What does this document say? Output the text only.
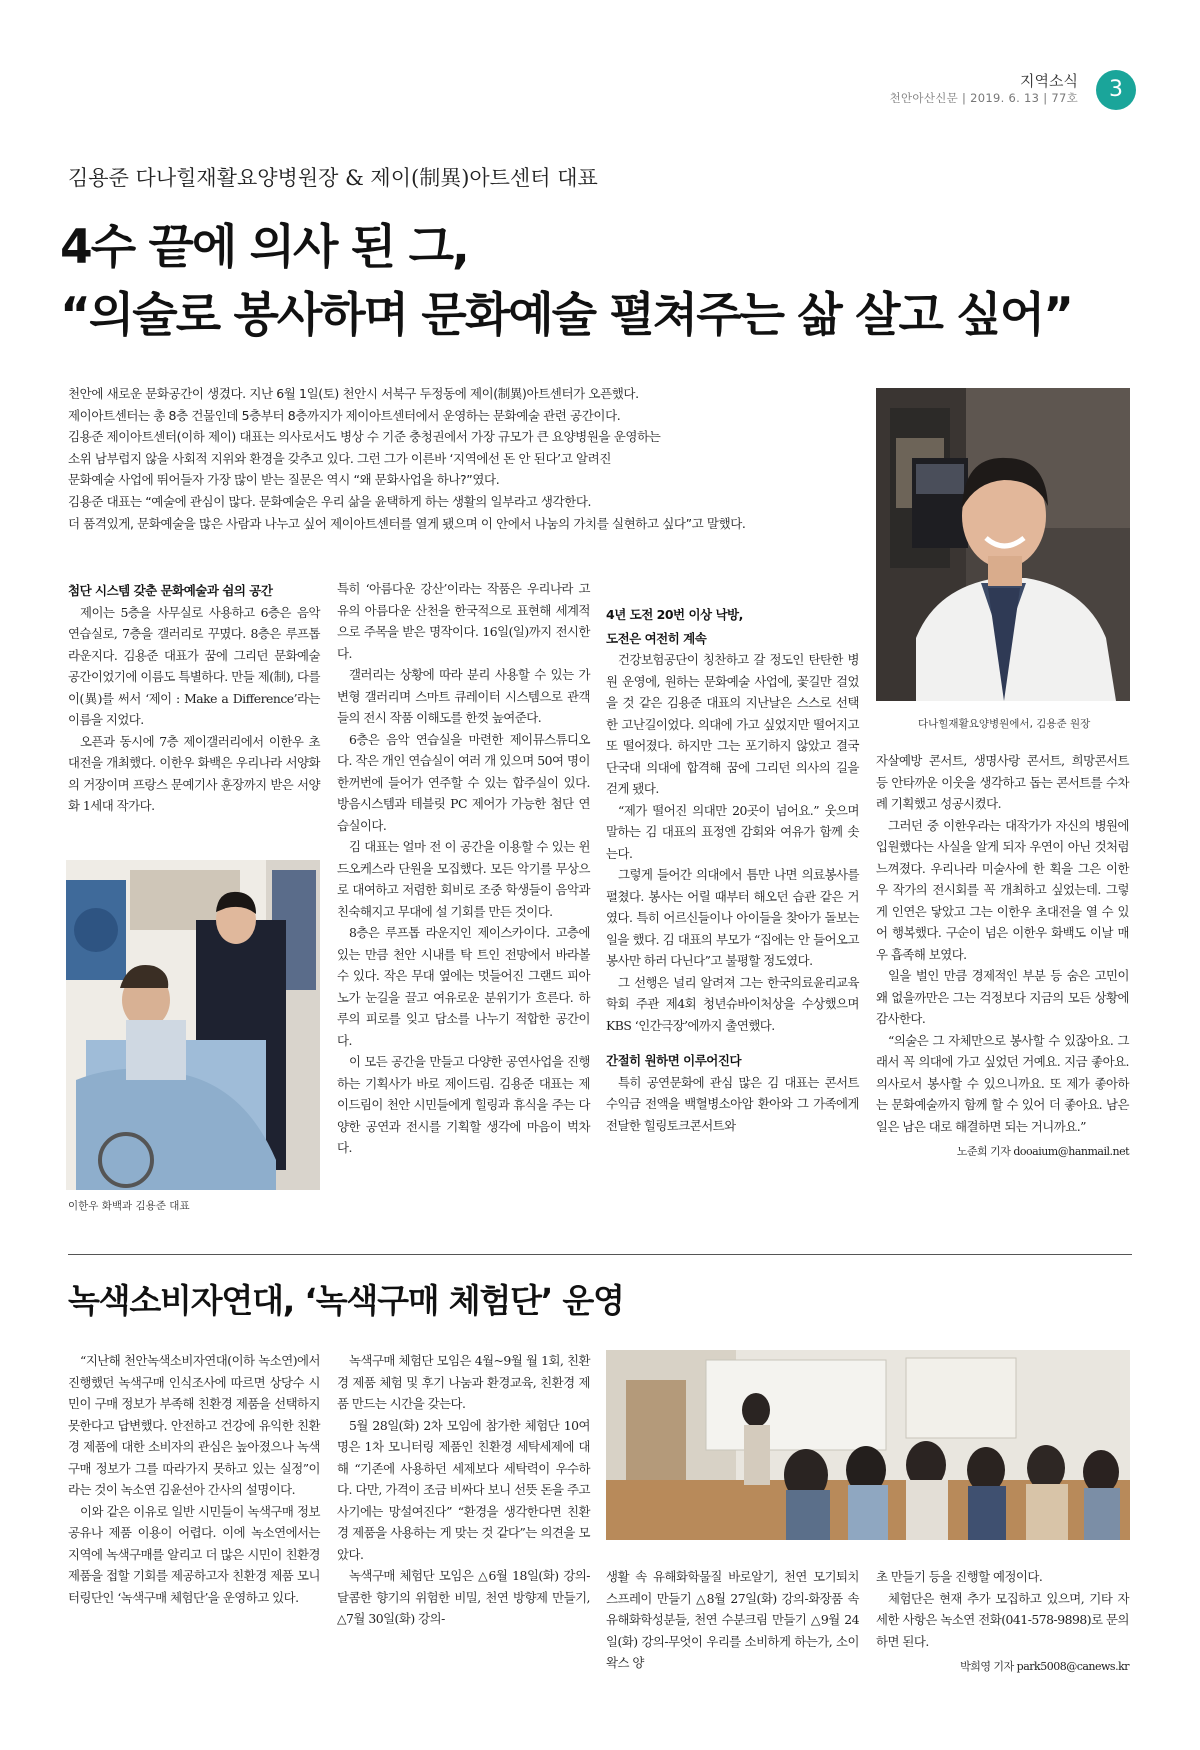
지역소식
천안아산신문 | 2019. 6. 13 | 77호	3
김용준 다나힐재활요양병원장 & 제이(制異)아트센터 대표
4수 끝에 의사 된 그,
“의술로 봉사하며 문화예술 펼쳐주는 삶 살고 싶어”

천안에 새로운 문화공간이 생겼다. 지난 6월 1일(토) 천안시 서북구 두정동에 제이(制異)아트센터가 오픈했다.

제이아트센터는 총 8층 건물인데 5층부터 8층까지가 제이아트센터에서 운영하는 문화예술 관련 공간이다.

김용준 제이아트센터(이하 제이) 대표는 의사로서도 병상 수 기준 충청권에서 가장 규모가 큰 요양병원을 운영하는

소위 남부럽지 않을 사회적 지위와 환경을 갖추고 있다. 그런 그가 이른바 ‘지역에선 돈 안 된다’고 알려진

문화예술 사업에 뛰어들자 가장 많이 받는 질문은 역시 “왜 문화사업을 하나?”였다.

김용준 대표는 “예술에 관심이 많다. 문화예술은 우리 삶을 윤택하게 하는 생활의 일부라고 생각한다.

더 품격있게, 문화예술을 많은 사람과 나누고 싶어 제이아트센터를 열게 됐으며 이 안에서 나눔의 가치를 실현하고 싶다”고 말했다.

다나힐재활요양병원에서, 김용준 원장

첨단 시스템 갖춘 문화예술과 쉼의 공간

제이는 5층을 사무실로 사용하고 6층은 음악 연습실로, 7층을 갤러리로 꾸몄다. 8층은 루프톱 라운지다. 김용준 대표가 꿈에 그리던 문화예술 공간이었기에 이름도 특별하다. 만들 제(制), 다를 이(異)를 써서 ‘제이 : Make a Difference’라는 이름을 지었다.

오픈과 동시에 7층 제이갤러리에서 이한우 초대전을 개최했다. 이한우 화백은 우리나라 서양화의 거장이며 프랑스 문예기사 훈장까지 받은 서양화 1세대 작가다.

이한우 화백과 김용준 대표

특히 ‘아름다운 강산’이라는 작품은 우리나라 고유의 아름다운 산천을 한국적으로 표현해 세계적으로 주목을 받은 명작이다. 16일(일)까지 전시한다.

갤러리는 상황에 따라 분리 사용할 수 있는 가변형 갤러리며 스마트 큐레이터 시스템으로 관객들의 전시 작품 이해도를 한껏 높여준다.

6층은 음악 연습실을 마련한 제이뮤스튜디오다. 작은 개인 연습실이 여러 개 있으며 50여 명이 한꺼번에 들어가 연주할 수 있는 합주실이 있다. 방음시스템과 테블릿 PC 제어가 가능한 첨단 연습실이다.

김 대표는 얼마 전 이 공간을 이용할 수 있는 윈드오케스라 단원을 모집했다. 모든 악기를 무상으로 대여하고 저렴한 회비로 조중 학생들이 음악과 친숙해지고 무대에 설 기회를 만든 것이다.

8층은 루프톱 라운지인 제이스카이다. 고층에 있는 만큼 천안 시내를 탁 트인 전망에서 바라볼 수 있다. 작은 무대 옆에는 멋들어진 그랜드 피아노가 눈길을 끌고 여유로운 분위기가 흐른다. 하루의 피로를 잊고 담소를 나누기 적합한 공간이다.

이 모든 공간을 만들고 다양한 공연사업을 진행하는 기획사가 바로 제이드림. 김용준 대표는 제이드림이 천안 시민들에게 힐링과 휴식을 주는 다양한 공연과 전시를 기획할 생각에 마음이 벅차다.

4년 도전 20번 이상 낙방,

도전은 여전히 계속

건강보험공단이 칭찬하고 갈 정도인 탄탄한 병원 운영에, 원하는 문화예술 사업에, 꽃길만 걸었을 것 같은 김용준 대표의 지난날은 스스로 선택한 고난길이었다. 의대에 가고 싶었지만 떨어지고 또 떨어졌다. 하지만 그는 포기하지 않았고 결국 단국대 의대에 합격해 꿈에 그리던 의사의 길을 걷게 됐다.

“제가 떨어진 의대만 20곳이 넘어요.” 웃으며 말하는 김 대표의 표정엔 감회와 여유가 함께 솟는다.

그렇게 들어간 의대에서 틈만 나면 의료봉사를 펼쳤다. 봉사는 어릴 때부터 해오던 습관 같은 거였다. 특히 어르신들이나 아이들을 찾아가 돌보는 일을 했다. 김 대표의 부모가 “집에는 안 들어오고 봉사만 하러 다닌다”고 불평할 정도였다.

그 선행은 널리 알려져 그는 한국의료윤리교육학회 주관 제4회 청년슈바이처상을 수상했으며 KBS ‘인간극장’에까지 출연했다.

간절히 원하면 이루어진다

특히 공연문화에 관심 많은 김 대표는 콘서트 수익금 전액을 백혈병소아암 환아와 그 가족에게 전달한 힐링토크콘서트와

자살예방 콘서트, 생명사랑 콘서트, 희망콘서트 등 안타까운 이웃을 생각하고 돕는 콘서트를 수차례 기획했고 성공시켰다.

그러던 중 이한우라는 대작가가 자신의 병원에 입원했다는 사실을 알게 되자 우연이 아닌 것처럼 느껴졌다. 우리나라 미술사에 한 획을 그은 이한우 작가의 전시회를 꼭 개최하고 싶었는데. 그렇게 인연은 닿았고 그는 이한우 초대전을 열 수 있어 행복했다. 구순이 넘은 이한우 화백도 이날 매우 흡족해 보였다.

일을 벌인 만큼 경제적인 부분 등 숨은 고민이 왜 없을까만은 그는 걱정보다 지금의 모든 상황에 감사한다.

“의술은 그 자체만으로 봉사할 수 있잖아요. 그래서 꼭 의대에 가고 싶었던 거예요. 지금 좋아요. 의사로서 봉사할 수 있으니까요. 또 제가 좋아하는 문화예술까지 함께 할 수 있어 더 좋아요. 남은 일은 남은 대로 해결하면 되는 거니까요.”

노준희 기자 dooaium@hanmail.net

녹색소비자연대, ‘녹색구매 체험단’ 운영

“지난해 천안녹색소비자연대(이하 녹소연)에서 진행했던 녹색구매 인식조사에 따르면 상당수 시민이 구매 정보가 부족해 친환경 제품을 선택하지 못한다고 답변했다. 안전하고 건강에 유익한 친환경 제품에 대한 소비자의 관심은 높아졌으나 녹색구매 정보가 그를 따라가지 못하고 있는 실정”이라는 것이 녹소연 김윤선아 간사의 설명이다.

이와 같은 이유로 일반 시민들이 녹색구매 정보 공유나 제품 이용이 어렵다. 이에 녹소연에서는 지역에 녹색구매를 알리고 더 많은 시민이 친환경 제품을 접할 기회를 제공하고자 친환경 제품 모니터링단인 ‘녹색구매 체험단’을 운영하고 있다.

녹색구매 체험단 모임은 4월~9월 월 1회, 친환경 제품 체험 및 후기 나눔과 환경교육, 친환경 제품 만드는 시간을 갖는다.

5월 28일(화) 2차 모임에 참가한 체험단 10여 명은 1차 모니터링 제품인 친환경 세탁세제에 대해 “기존에 사용하던 세제보다 세탁력이 우수하다. 다만, 가격이 조금 비싸다 보니 선뜻 돈을 주고 사기에는 망설여진다” “환경을 생각한다면 친환경 제품을 사용하는 게 맞는 것 같다”는 의견을 모았다.

녹색구매 체험단 모임은 △6월 18일(화) 강의-달콤한 향기의 위험한 비밀, 천연 방향제 만들기, △7월 30일(화) 강의-

생활 속 유해화학물질 바로알기, 천연 모기퇴치 스프레이 만들기 △8월 27일(화) 강의-화장품 속 유해화학성분들, 천연 수분크림 만들기 △9월 24일(화) 강의-무엇이 우리를 소비하게 하는가, 소이왁스 양

초 만들기 등을 진행할 예정이다.

체험단은 현재 추가 모집하고 있으며, 기타 자세한 사항은 녹소연 전화(041-578-9898)로 문의하면 된다.

박희영 기자 park5008@canews.kr
